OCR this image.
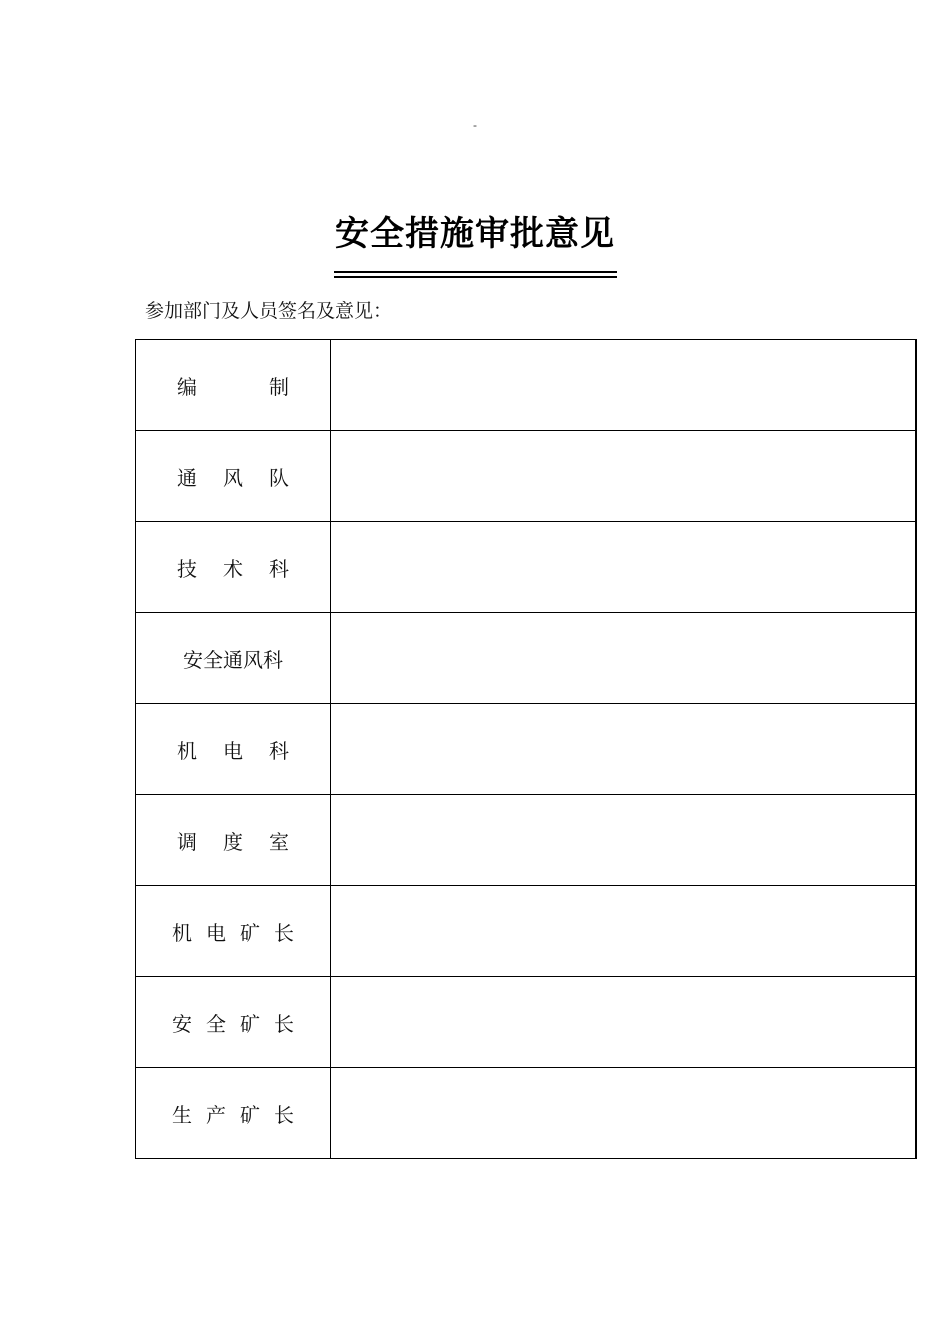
-
安全措施审批意见
参加部门及人员签名及意见：
编 制	
通 风 队	
技 术 科	
安全通风科	
机 电 科	
调 度 室	
机 电 矿 长	
安 全 矿 长	
生 产 矿 长	
